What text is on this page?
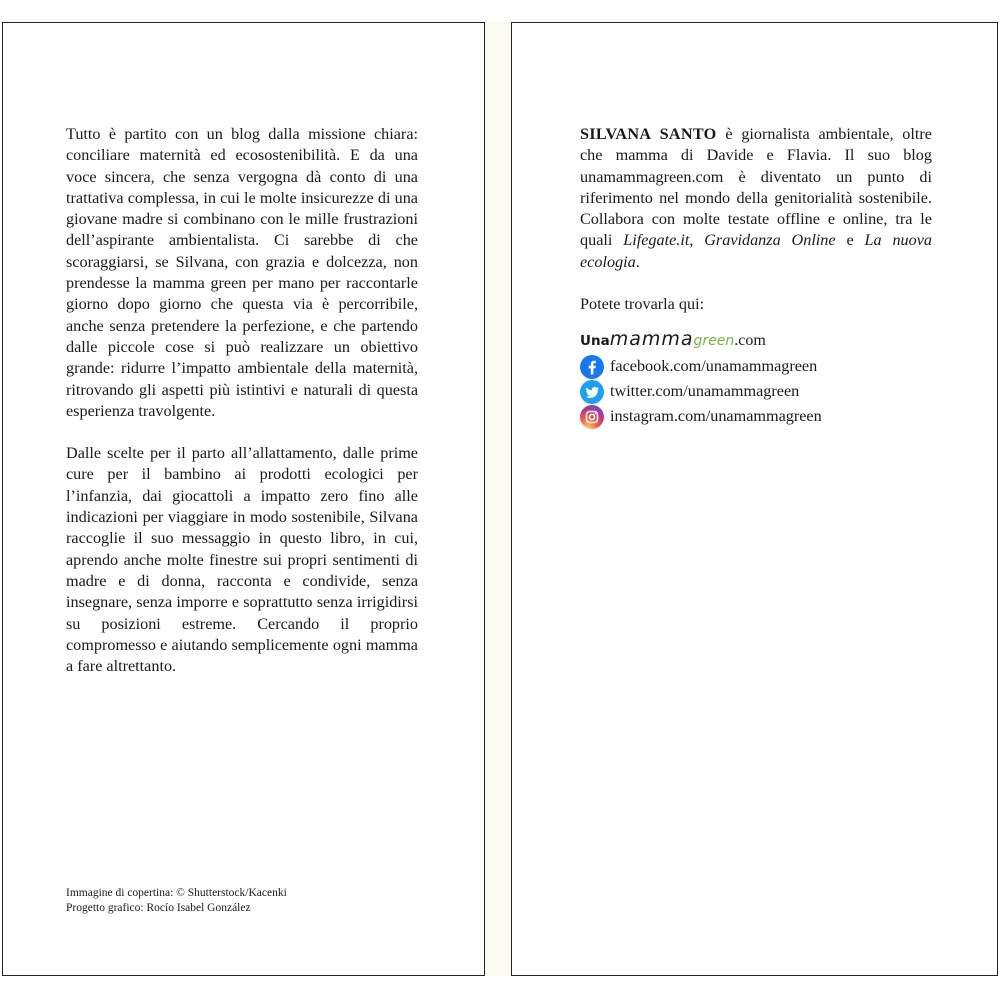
Tutto è partito con un blog dalla missione chiara: conciliare maternità ed ecosostenibilità. E da una voce sincera, che senza vergogna dà conto di una trattativa complessa, in cui le molte insicurezze di una giovane madre si combinano con le mille frustrazioni dell’aspirante ambientalista. Ci sarebbe di che scoraggiarsi, se Silvana, con grazia e dolcezza, non prendesse la mamma green per mano per raccontarle giorno dopo giorno che questa via è percorribile, anche senza pretendere la perfezione, e che partendo dalle piccole cose si può realizzare un obiettivo grande: ridurre l’impatto ambientale della maternità, ritrovando gli aspetti più istintivi e naturali di questa esperienza travolgente.

Dalle scelte per il parto all’allattamento, dalle prime cure per il bambino ai prodotti ecologici per l’infanzia, dai giocattoli a impatto zero fino alle indicazioni per viaggiare in modo sostenibile, Silvana raccoglie il suo messaggio in questo libro, in cui, aprendo anche molte finestre sui propri sentimenti di madre e di donna, racconta e condivide, senza insegnare, senza imporre e soprattutto senza irrigidirsi su posizioni estreme. Cercando il proprio compromesso e aiutando semplicemente ogni mamma a fare altrettanto.

Immagine di copertina: © Shutterstock/Kacenki
Progetto grafico: Rocío Isabel González

SILVANA SANTO è giornalista ambientale, oltre che mamma di Davide e Flavia. Il suo blog unamammagreen.com è diventato un punto di riferimento nel mondo della genitorialità sostenibile. Collabora con molte testate offline e online, tra le quali Lifegate.it, Gravidanza Online e La nuova ecologia.

Potete trovarla qui:

Una mamma green .com
facebook.com/unamammagreen
twitter.com/unamammagreen
instagram.com/unamammagreen
